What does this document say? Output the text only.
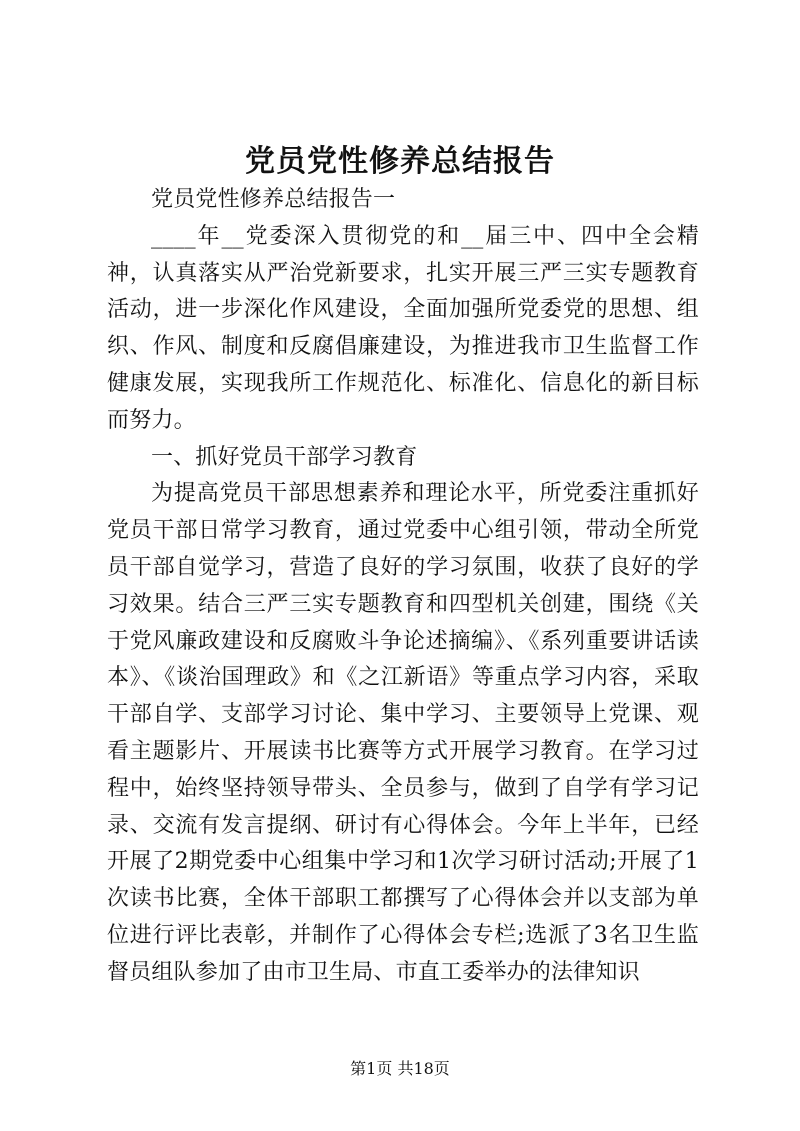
党员党性修养总结报告

党员党性修养总结报告一

____年__党委深入贯彻党的和__届三中、四中全会精神，认真落实从严治党新要求，扎实开展三严三实专题教育活动，进一步深化作风建设，全面加强所党委党的思想、组织、作风、制度和反腐倡廉建设，为推进我市卫生监督工作健康发展，实现我所工作规范化、标准化、信息化的新目标而努力。

一、抓好党员干部学习教育

为提高党员干部思想素养和理论水平，所党委注重抓好党员干部日常学习教育，通过党委中心组引领，带动全所党员干部自觉学习，营造了良好的学习氛围，收获了良好的学习效果。结合三严三实专题教育和四型机关创建，围绕《关于党风廉政建设和反腐败斗争论述摘编》、《系列重要讲话读本》、《谈治国理政》和《之江新语》等重点学习内容，采取干部自学、支部学习讨论、集中学习、主要领导上党课、观看主题影片、开展读书比赛等方式开展学习教育。在学习过程中，始终坚持领导带头、全员参与，做到了自学有学习记录、交流有发言提纲、研讨有心得体会。今年上半年，已经开展了2期党委中心组集中学习和1次学习研讨活动;开展了1次读书比赛，全体干部职工都撰写了心得体会并以支部为单位进行评比表彰，并制作了心得体会专栏;选派了3名卫生监督员组队参加了由市卫生局、市直工委举办的法律知识

第1页 共18页
